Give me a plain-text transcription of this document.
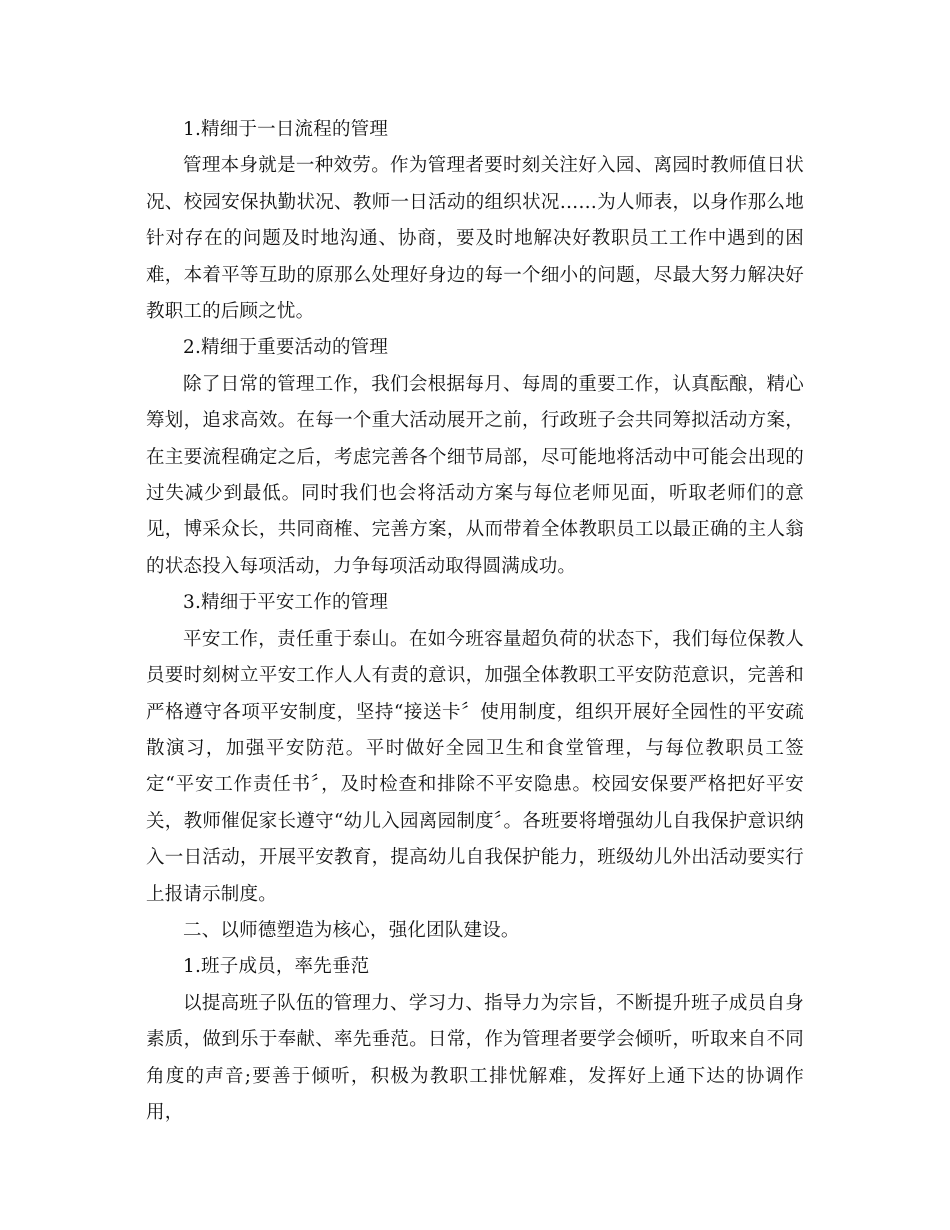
1.精细于一日流程的管理

管理本身就是一种效劳。作为管理者要时刻关注好入园、离园时教师值日状况、校园安保执勤状况、教师一日活动的组织状况……为人师表，以身作那么地针对存在的问题及时地沟通、协商，要及时地解决好教职员工工作中遇到的困难，本着平等互助的原那么处理好身边的每一个细小的问题，尽最大努力解决好教职工的后顾之忧。

2.精细于重要活动的管理

除了日常的管理工作，我们会根据每月、每周的重要工作，认真酝酿，精心筹划，追求高效。在每一个重大活动展开之前，行政班子会共同筹拟活动方案，在主要流程确定之后，考虑完善各个细节局部，尽可能地将活动中可能会出现的过失减少到最低。同时我们也会将活动方案与每位老师见面，听取老师们的意见，博采众长，共同商榷、完善方案，从而带着全体教职员工以最正确的主人翁的状态投入每项活动，力争每项活动取得圆满成功。

3.精细于平安工作的管理

平安工作，责任重于泰山。在如今班容量超负荷的状态下，我们每位保教人员要时刻树立平安工作人人有责的意识，加强全体教职工平安防范意识，完善和严格遵守各项平安制度，坚持“接送卡〞使用制度，组织开展好全园性的平安疏散演习，加强平安防范。平时做好全园卫生和食堂管理，与每位教职员工签定“平安工作责任书〞，及时检查和排除不平安隐患。校园安保要严格把好平安关，教师催促家长遵守“幼儿入园离园制度〞。各班要将增强幼儿自我保护意识纳入一日活动，开展平安教育，提高幼儿自我保护能力，班级幼儿外出活动要实行上报请示制度。

二、以师德塑造为核心，强化团队建设。

1.班子成员，率先垂范

以提高班子队伍的管理力、学习力、指导力为宗旨，不断提升班子成员自身素质，做到乐于奉献、率先垂范。日常，作为管理者要学会倾听，听取来自不同角度的声音;要善于倾听，积极为教职工排忧解难，发挥好上通下达的协调作用，
